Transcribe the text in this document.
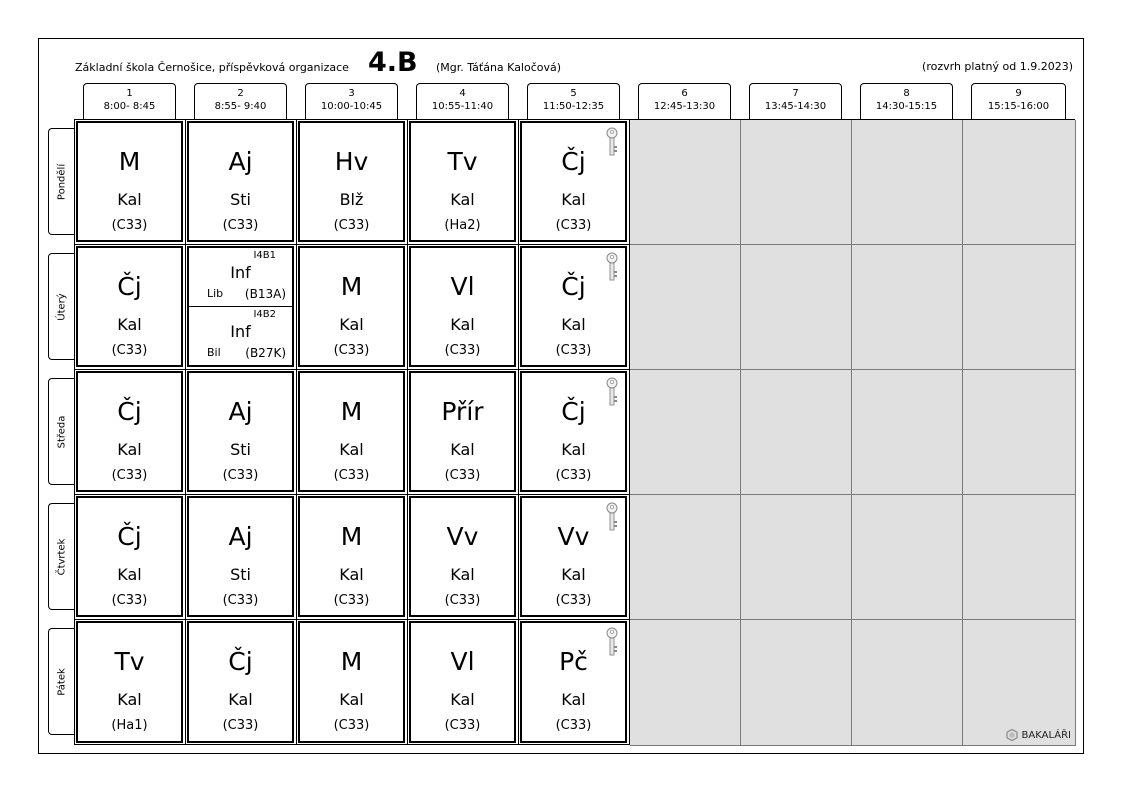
Základní škola Černošice, příspěvková organizace 4.B (Mgr. Táťána Kaločová)	(rozvrh platný od 1.9.2023)
1
8:00- 8:45
2
8:55- 9:40
3
10:00-10:45
4
10:55-11:40
5
11:50-12:35
6
12:45-13:30
7
13:45-14:30
8
14:30-15:15
9
15:15-16:00
Pondělí
Úterý
Středa
Čtvrtek
Pátek
M
Kal
(C33)
Aj
Sti
(C33)
Hv
Blž
(C33)
Tv
Kal
(Ha2)
Čj
Kal
(C33)
Čj
Kal
(C33)
I4B1
Inf
Lib (B13A)
I4B2
Inf
Bil (B27K)
M
Kal
(C33)
Vl
Kal
(C33)
Čj
Kal
(C33)
Čj
Kal
(C33)
Aj
Sti
(C33)
M
Kal
(C33)
Přír
Kal
(C33)
Čj
Kal
(C33)
Čj
Kal
(C33)
Aj
Sti
(C33)
M
Kal
(C33)
Vv
Kal
(C33)
Vv
Kal
(C33)
Tv
Kal
(Ha1)
Čj
Kal
(C33)
M
Kal
(C33)
Vl
Kal
(C33)
Pč
Kal
(C33)
BAKALÁŘI
